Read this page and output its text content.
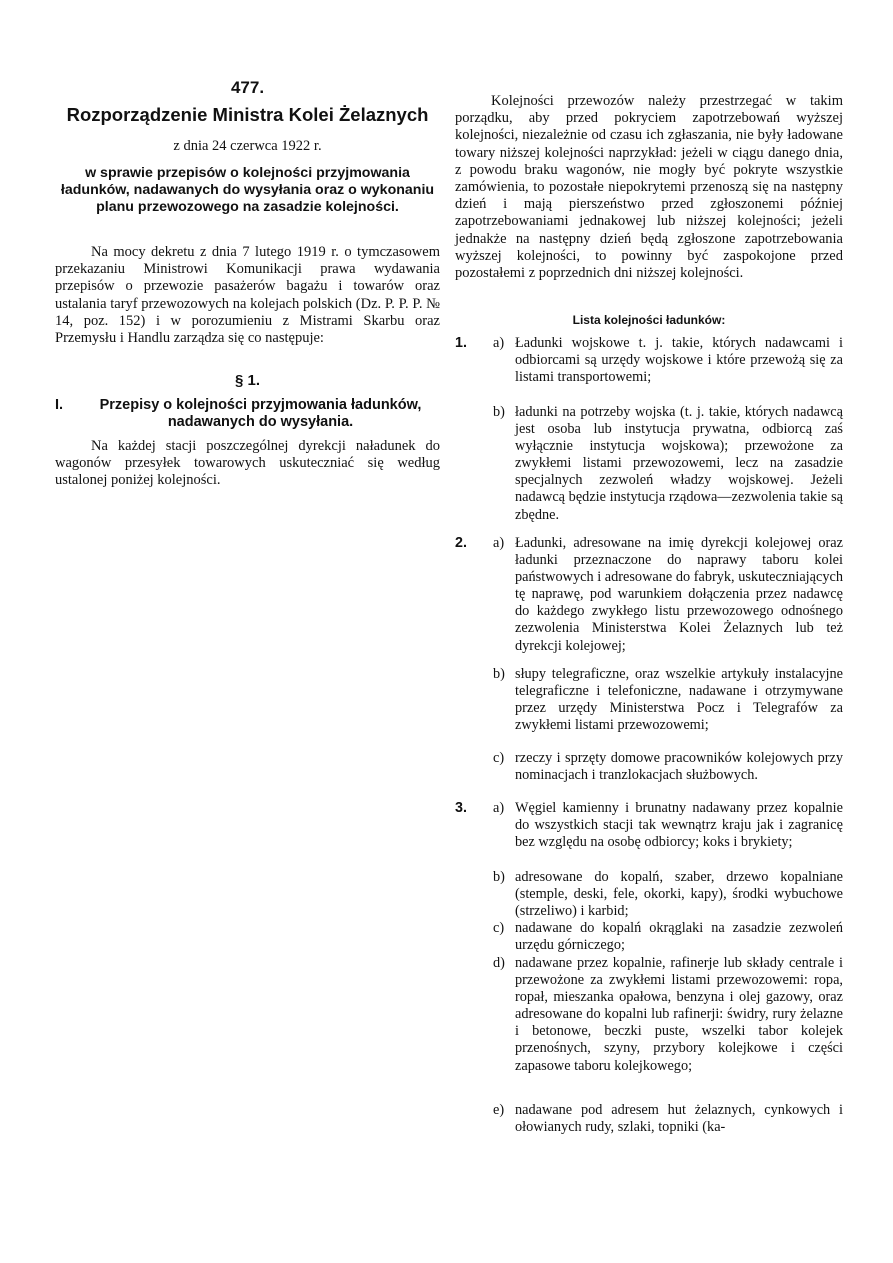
477.
Rozporządzenie Ministra Kolei Żelaznych
z dnia 24 czerwca 1922 r.
w sprawie przepisów o kolejności przyjmowania ładunków, nadawanych do wysyłania oraz o wykonaniu planu przewozowego na zasadzie kolejności.
Na mocy dekretu z dnia 7 lutego 1919 r. o tymczasowem przekazaniu Ministrowi Komunikacji prawa wydawania przepisów o przewozie pasażerów bagażu i towarów oraz ustalania taryf przewozowych na kolejach polskich (Dz. P. P. P. № 14, poz. 152) i w porozumieniu z Mistrami Skarbu oraz Przemysłu i Handlu zarządza się co następuje:
§ 1.
I.	Przepisy o kolejności przyjmowania ładunków, nadawanych do wysyłania.
Na każdej stacji poszczególnej dyrekcji naładunek do wagonów przesyłek towarowych uskuteczniać się według ustalonej poniżej kolejności.
Kolejności przewozów należy przestrzegać w takim porządku, aby przed pokryciem zapotrzebowań wyższej kolejności, niezależnie od czasu ich zgłaszania, nie były ładowane towary niższej kolejności naprzykład: jeżeli w ciągu danego dnia, z powodu braku wagonów, nie mogły być pokryte wszystkie zamówienia, to pozostałe niepokrytemi przenoszą się na następny dzień i mają pierszeństwo przed zgłoszonemi później zapotrzebowaniami jednakowej lub niższej kolejności; jeżeli jednakże na następny dzień będą zgłoszone zapotrzebowania wyższej kolejności, to powinny być zaspokojone przed pozostałemi z poprzednich dni niższej kolejności.
Lista kolejności ładunków:
1. a) Ładunki wojskowe t. j. takie, których nadawcami i odbiorcami są urzędy wojskowe i które przewożą się za listami transportowemi;
b) ładunki na potrzeby wojska (t. j. takie, których nadawcą jest osoba lub instytucja prywatna, odbiorcą zaś wyłącznie instytucja wojskowa); przewożone za zwykłemi listami przewozowemi, lecz na zasadzie specjalnych zezwoleń władzy wojskowej. Jeżeli nadawcą będzie instytucja rządowa—zezwolenia takie są zbędne.
2. a) Ładunki, adresowane na imię dyrekcji kolejowej oraz ładunki przeznaczone do naprawy taboru kolei państwowych i adresowane do fabryk, uskuteczniających tę naprawę, pod warunkiem dołączenia przez nadawcę do każdego zwykłego listu przewozowego odnośnego zezwolenia Ministerstwa Kolei Żelaznych lub też dyrekcji kolejowej;
b) słupy telegraficzne, oraz wszelkie artykuły instalacyjne telegraficzne i telefoniczne, nadawane i otrzymywane przez urzędy Ministerstwa Pocz i Telegrafów za zwykłemi listami przewozowemi;
c) rzeczy i sprzęty domowe pracowników kolejowych przy nominacjach i tranzlokacjach służbowych.
3. a) Węgiel kamienny i brunatny nadawany przez kopalnie do wszystkich stacji tak wewnątrz kraju jak i zagranicę bez względu na osobę odbiorcy; koks i brykiety;
b) adresowane do kopalń, szaber, drzewo kopalniane (stemple, deski, fele, okorki, kapy), środki wybuchowe (strzeliwo) i karbid;
c) nadawane do kopalń okrąglaki na zasadzie zezwoleń urzędu górniczego;
d) nadawane przez kopalnie, rafinerje lub składy centrale i przewożone za zwykłemi listami przewozowemi: ropa, ropał, mieszanka opałowa, benzyna i olej gazowy, oraz adresowane do kopalni lub rafinerji: świdry, rury żelazne i betonowe, beczki puste, wszelki tabor kolejek przenośnych, szyny, przybory kolejkowe i części zapasowe taboru kolejkowego;
e) nadawane pod adresem hut żelaznych, cynkowych i ołowianych rudy, szlaki, topniki (ka-
